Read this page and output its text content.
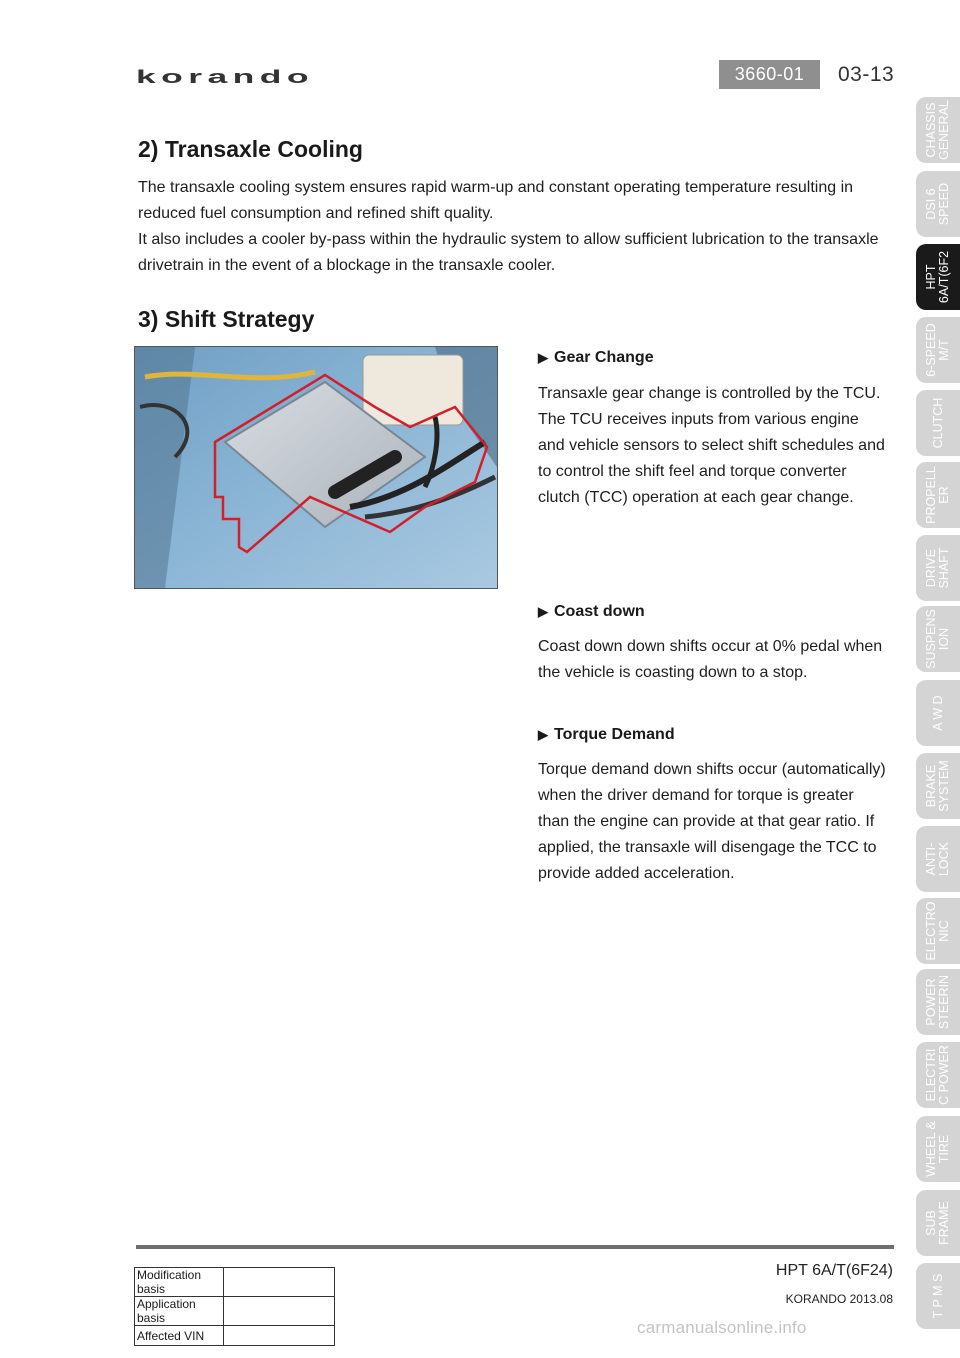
korando	3660-01	03-13
2) Transaxle Cooling

The transaxle cooling system ensures rapid warm-up and constant operating temperature resulting in reduced fuel consumption and refined shift quality.

It also includes a cooler by-pass within the hydraulic system to allow sufficient lubrication to the transaxle drivetrain in the event of a blockage in the transaxle cooler.

3) Shift Strategy
▶ Gear Change
Transaxle gear change is controlled by the TCU. The TCU receives inputs from various engine and vehicle sensors to select shift schedules and to control the shift feel and torque converter clutch (TCC) operation at each gear change.
▶ Coast down
Coast down down shifts occur at 0% pedal when the vehicle is coasting down to a stop.
▶ Torque Demand
Torque demand down shifts occur (automatically) when the driver demand for torque is greater than the engine can provide at that gear ratio. If applied, the transaxle will disengage the TCC to provide added acceleration.
CHASSIS GENERAL
DSI 6 SPEED
HPT 6A/T(6F2
6-SPEED M/T
CLUTCH
PROPELL ER
DRIVE SHAFT
SUSPENS ION
A W D
BRAKE SYSTEM
ANTI- LOCK
ELECTRO NIC
POWER STEERIN
ELECTRI C POWER
WHEEL & TIRE
SUB FRAME
T P M S
Modification basis	
Application basis	
Affected VIN	
HPT 6A/T(6F24)
KORANDO 2013.08
carmanualsonline.info
